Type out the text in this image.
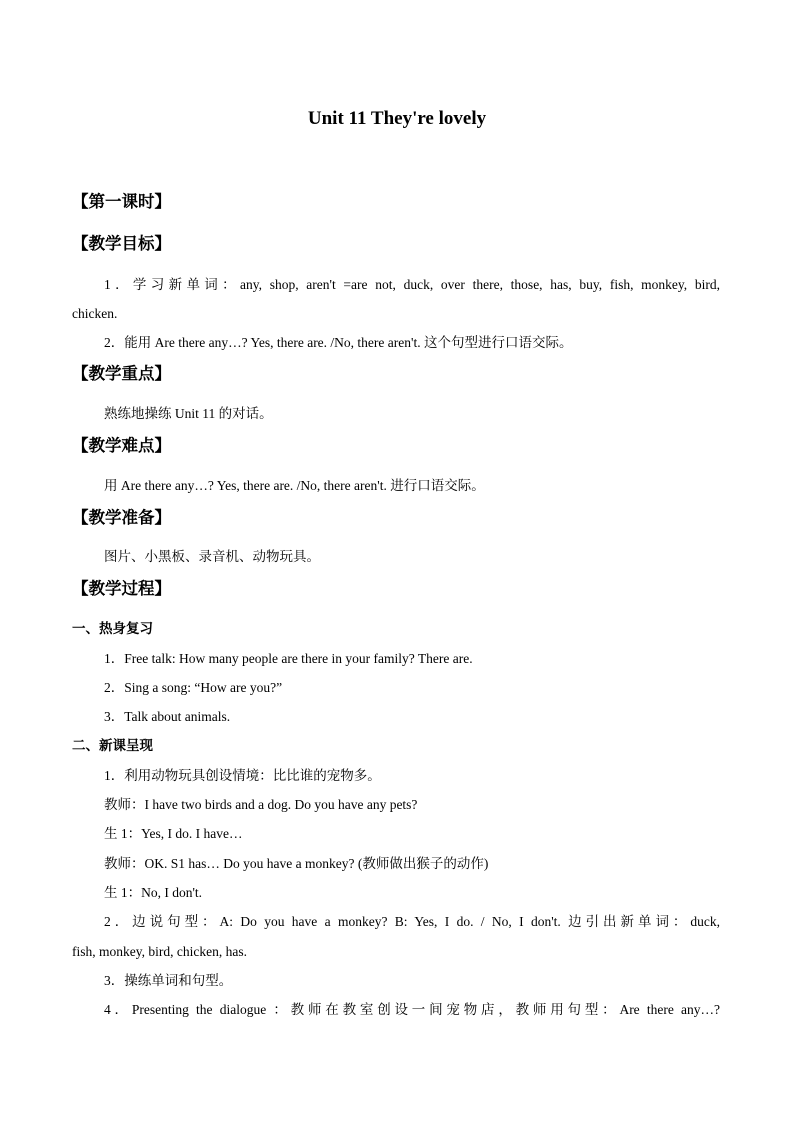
Unit 11 They're lovely
【第一课时】
【教学目标】
1．学习新单词：any, shop, aren't =are not, duck, over there, those, has, buy, fish, monkey, bird,
chicken.
2．能用 Are there any…? Yes, there are. /No, there aren't. 这个句型进行口语交际。
【教学重点】
熟练地操练 Unit 11 的对话。
【教学难点】
用 Are there any…? Yes, there are. /No, there aren't. 进行口语交际。
【教学准备】
图片、小黑板、录音机、动物玩具。
【教学过程】
一、热身复习
1．Free talk: How many people are there in your family? There are.
2．Sing a song: “How are you?”
3．Talk about animals.
二、新课呈现
1．利用动物玩具创设情境：比比谁的宠物多。
教师：I have two birds and a dog. Do you have any pets?
生 1：Yes, I do. I have…
教师：OK. S1 has… Do you have a monkey? (教师做出猴子的动作)
生 1：No, I don't.
2．边说句型：A: Do you have a monkey? B: Yes, I do. / No, I don't. 边引出新单词：duck,
fish, monkey, bird, chicken, has.
3．操练单词和句型。
4．Presenting the dialogue ：教师在教室创设一间宠物店，教师用句型：Are there any…?
